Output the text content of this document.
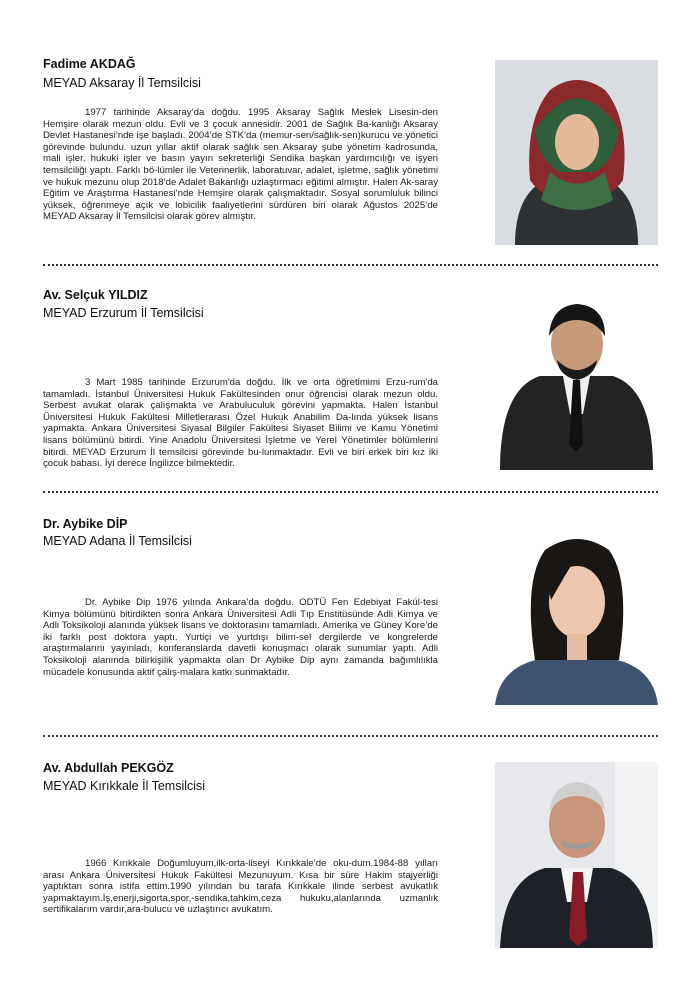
Fadime AKDAĞ
MEYAD Aksaray İl Temsilcisi

1977 tarihinde Aksaray’da doğdu. 1995 Aksaray Sağlık Meslek Lisesin-den Hemşire olarak mezun oldu. Evli ve 3 çocuk annesidir. 2001 de Sağlık Ba-kanlığı Aksaray Devlet Hastanesi’nde işe başladı. 2004’de STK’da (memur-sen/sağlık-sen)kurucu ve yönetici görevinde bulundu. uzun yıllar aktif olarak sağlık sen Aksaray şube yönetim kadrosunda, mali işler, hukuki işler ve basın yayın sekreterliği Sendika başkan yardımcılığı ve işyeri temsilciliği yaptı. Farklı bö-lümler ile Veterinerlik, laboratuvar, adalet, işletme, sağlık yönetimi ve hukuk mezunu olup 2018’de Adalet Bakanlığı uzlaştırmacı eğitimi almıştır. Halen Ak-saray Eğitim ve Araştırma Hastanesi’nde Hemşire olarak çalışmaktadır. Sosyal sorumluluk bilinci yüksek, öğrenmeye açık ve lobicilik faaliyetlerini sürdüren biri olarak Ağustos 2025’de MEYAD Aksaray İl Temsilcisi olarak görev almıştır.

Av. Selçuk YILDIZ
MEYAD Erzurum İl Temsilcisi

3 Mart 1985 tarihinde Erzurum'da doğdu. İlk ve orta öğretimimi Erzu-rum'da tamamladı. İstanbul Üniversitesi Hukuk Fakültesinden onur öğrencisi olarak mezun oldu. Serbest avukat olarak çalışmakta ve Arabuluculuk görevini yapmakta. Halen İstanbul Üniversitesi Hukuk Fakültesi Milletlerarası Özel Hukuk Anabilim Da-lında yüksek lisans yapmakta. Ankara Üniversitesi Siyasal Bilgiler Fakültesi Siyaset Bilimi ve Kamu Yönetimi lisans bölümünü bitirdi. Yine Anadolu Üniversitesi İşletme ve Yerel Yönetimler bölümlerini bitirdi. MEYAD Erzurum İl temsilcisi görevinde bu-lunmaktadır. Evli ve biri erkek biri kız iki çocuk babası. İyi derece İngilizce bilmektedir.

Dr. Aybike DİP
MEYAD Adana İl Temsilcisi

Dr. Aybike Dip 1976 yılında Ankara’da doğdu. ODTÜ Fen Edebiyat Fakül-tesi Kimya bölümünü bitirdikten sonra Ankara Üniversitesi Adli Tıp Enstitüsünde Adli Kimya ve Adli Toksikoloji alanında yüksek lisans ve doktorasını tamamladı. Amerika ve Güney Kore’de iki farklı post doktora yaptı. Yurtiçi ve yurtdışı bilim-sel dergilerde ve kongrelerde araştırmalarını yayınladı, konferanslarda davetli konuşmacı olarak sunumlar yaptı. Adli Toksikoloji alanında bilirkişilik yapmakta olan Dr Aybike Dip aynı zamanda bağımlılıkla mücadele konusunda aktif çalış-malara katkı sunmaktadır.

Av. Abdullah PEKGÖZ
MEYAD Kırıkkale İl Temsilcisi

1966 Kırıkkale Doğumluyum,ilk-orta-liseyi Kırıkkale’de oku-dum.1984-88 yılları arası Ankara Üniversitesi Hukuk Fakültesi Mezunuyum. Kısa bir süre Hakim stajyerliği yaptıktan sonra istifa ettim.1990 yılından bu tarafa Kırıkkale ilinde serbest avukatlık yapmaktayım.İş,enerji,sigorta,spor,-sendika,tahkim,ceza hukuku,alanlarında uzmanlık sertifikalarım vardır,ara-bulucu ve uzlaştırıcı avukatım.
